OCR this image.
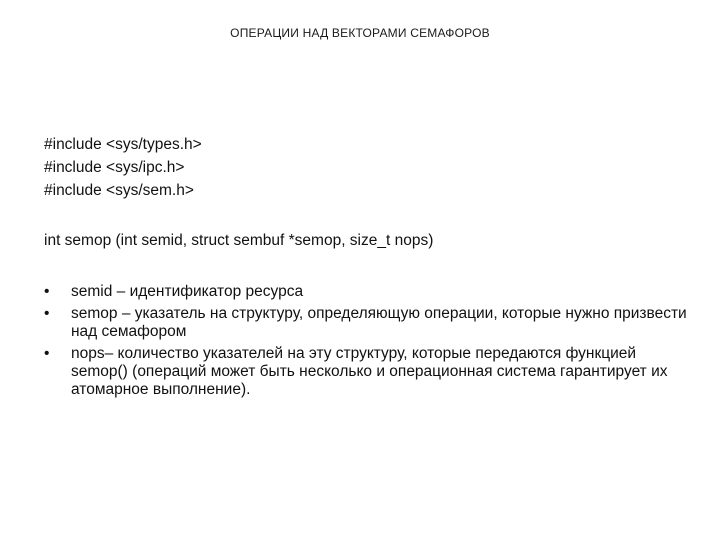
ОПЕРАЦИИ НАД ВЕКТОРАМИ СЕМАФОРОВ
#include <sys/types.h>
#include <sys/ipc.h>
#include <sys/sem.h>
int semop (int semid, struct sembuf *semop, size_t nops)
• semid – идентификатор ресурса
• semop – указатель на структуру, определяющую операции, которые нужно призвести над семафором
• nops– количество указателей на эту структуру, которые передаются функцией semop() (операций может быть несколько и операционная система гарантирует их атомарное выполнение).
